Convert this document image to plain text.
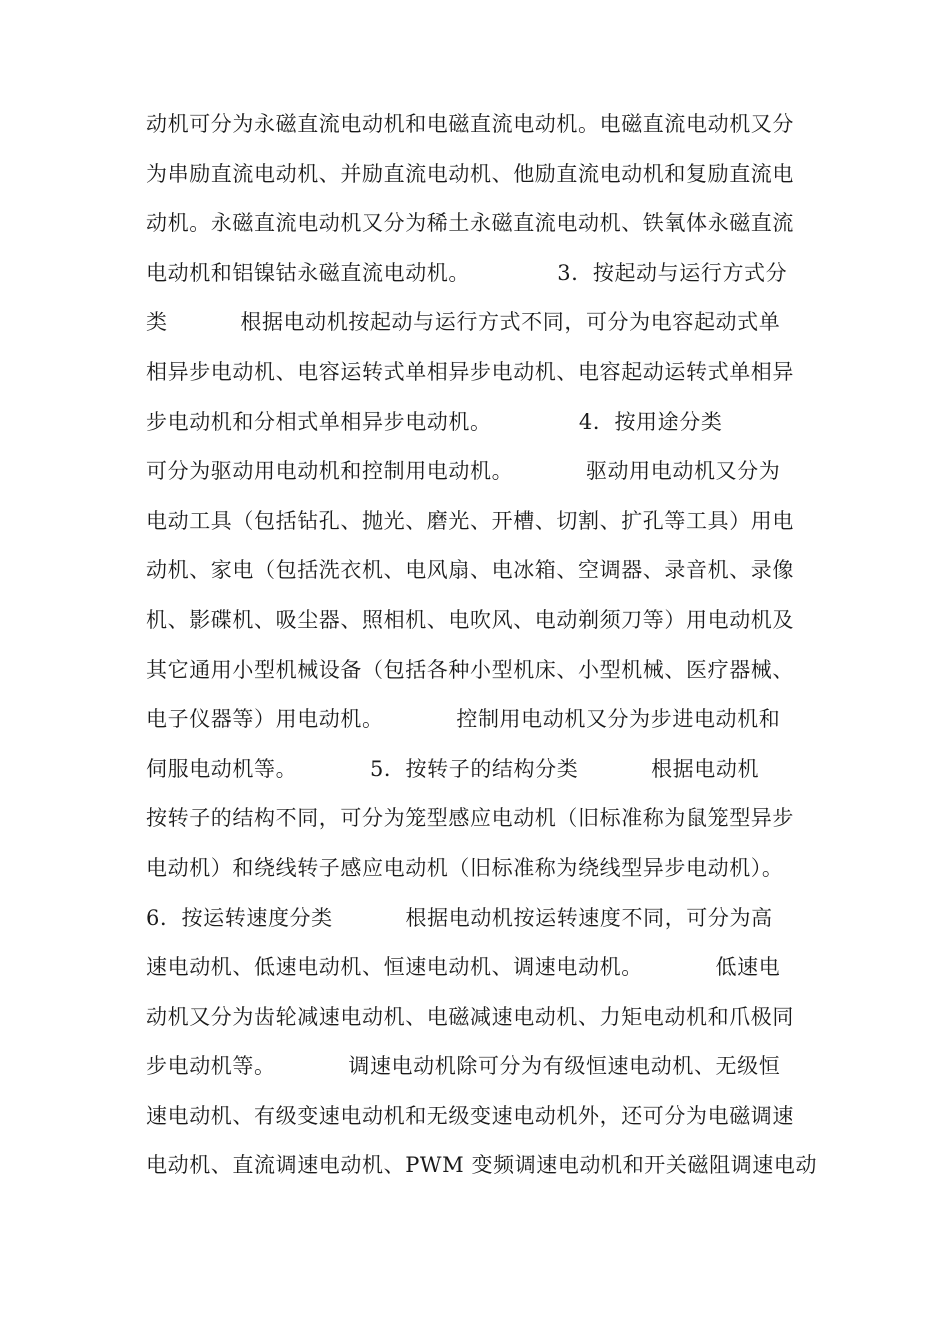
动机可分为永磁直流电动机和电磁直流电动机。电磁直流电动机又分
为串励直流电动机、并励直流电动机、他励直流电动机和复励直流电
动机。永磁直流电动机又分为稀土永磁直流电动机、铁氧体永磁直流
电动机和铝镍钴永磁直流电动机。            3．按起动与运行方式分
类          根据电动机按起动与运行方式不同，可分为电容起动式单
相异步电动机、电容运转式单相异步电动机、电容起动运转式单相异
步电动机和分相式单相异步电动机。            4．按用途分类
可分为驱动用电动机和控制用电动机。          驱动用电动机又分为
电动工具（包括钻孔、抛光、磨光、开槽、切割、扩孔等工具）用电
动机、家电（包括洗衣机、电风扇、电冰箱、空调器、录音机、录像
机、影碟机、吸尘器、照相机、电吹风、电动剃须刀等）用电动机及
其它通用小型机械设备（包括各种小型机床、小型机械、医疗器械、
电子仪器等）用电动机。          控制用电动机又分为步进电动机和
伺服电动机等。          5．按转子的结构分类          根据电动机
按转子的结构不同，可分为笼型感应电动机（旧标准称为鼠笼型异步
电动机）和绕线转子感应电动机（旧标准称为绕线型异步电动机）。
6．按运转速度分类          根据电动机按运转速度不同，可分为高
速电动机、低速电动机、恒速电动机、调速电动机。          低速电
动机又分为齿轮减速电动机、电磁减速电动机、力矩电动机和爪极同
步电动机等。          调速电动机除可分为有级恒速电动机、无级恒
速电动机、有级变速电动机和无级变速电动机外，还可分为电磁调速
电动机、直流调速电动机、PWM 变频调速电动机和开关磁阻调速电动
